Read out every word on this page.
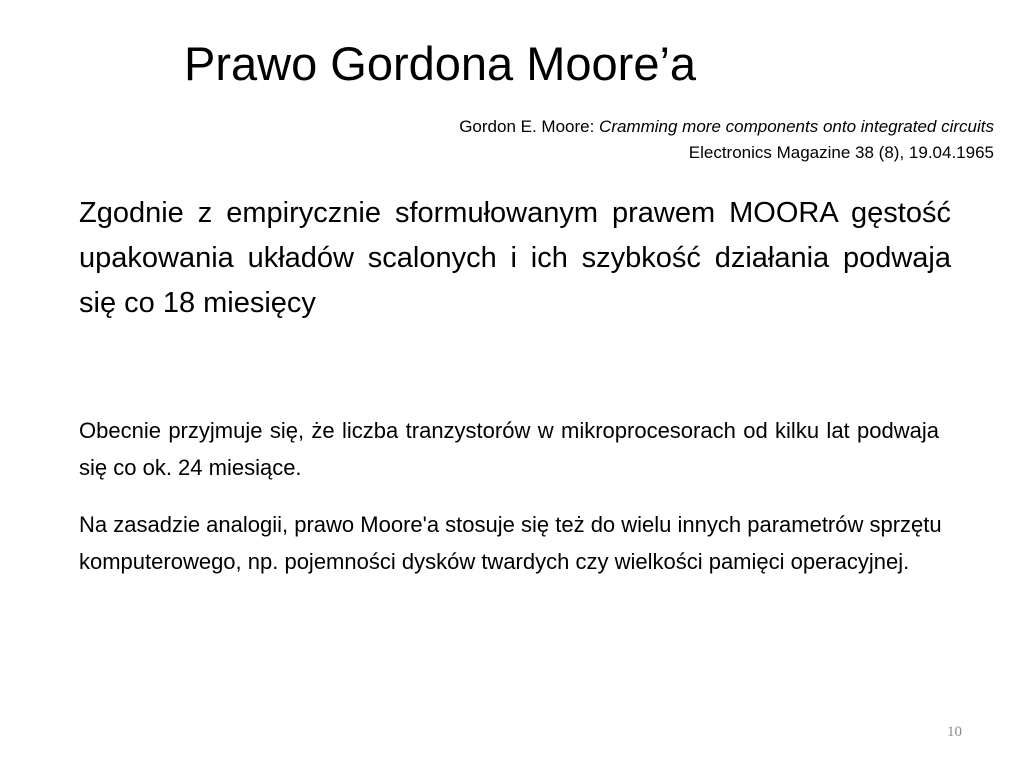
Prawo Gordona Moore’a
Gordon E. Moore: Cramming more components onto integrated circuits
Electronics Magazine 38 (8), 19.04.1965

Zgodnie z empirycznie sformułowanym prawem MOORA gęstość upakowania układów scalonych i ich szybkość działania podwaja się co 18 miesięcy

Obecnie przyjmuje się, że liczba tranzystorów w mikroprocesorach od kilku lat podwaja się co ok. 24 miesiące.

Na zasadzie analogii, prawo Moore'a stosuje się też do wielu innych parametrów sprzętu komputerowego, np. pojemności dysków twardych czy wielkości pamięci operacyjnej.

10
